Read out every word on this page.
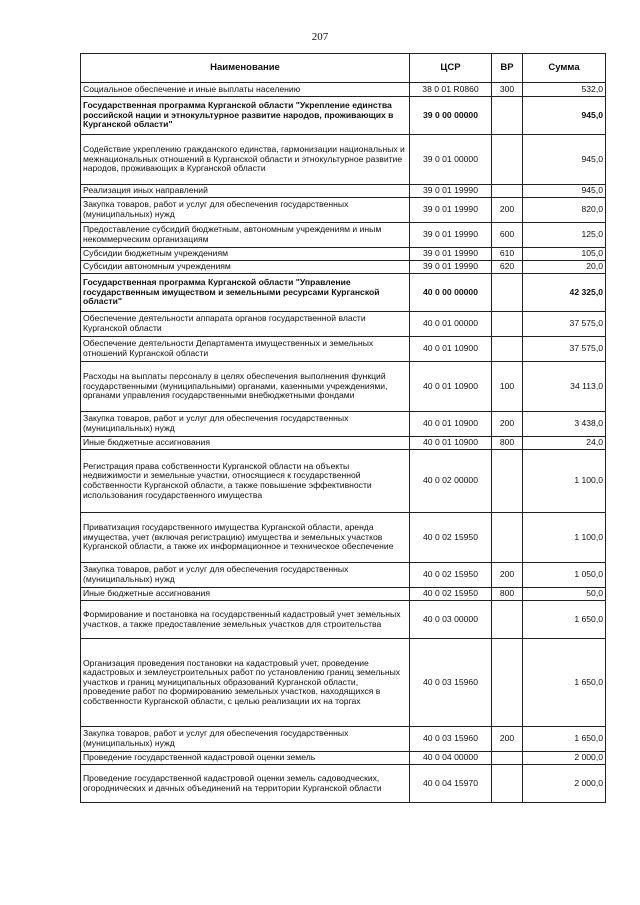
207
Наименование	ЦСР	ВР	Сумма
Социальное обеспечение и иные выплаты населению	38 0 01 R0860	300	532,0
Государственная программа Курганской области "Укрепление единства российской нации и этнокультурное развитие народов, проживающих в Курганской области"	39 0 00 00000		945,0
Содействие укреплению гражданского единства, гармонизации национальных и межнациональных отношений в Курганской области и этнокультурное развитие народов, проживающих в Курганской области	39 0 01 00000		945,0
Реализация иных направлений	39 0 01 19990		945,0
Закупка товаров, работ и услуг для обеспечения государственных (муниципальных) нужд	39 0 01 19990	200	820,0
Предоставление субсидий бюджетным, автономным учреждениям и иным некоммерческим организациям	39 0 01 19990	600	125,0
Субсидии бюджетным учреждениям	39 0 01 19990	610	105,0
Субсидии автономным учреждениям	39 0 01 19990	620	20,0
Государственная программа Курганской области "Управление государственным имуществом и земельными ресурсами Курганской области"	40 0 00 00000		42 325,0
Обеспечение деятельности аппарата органов государственной власти Курганской области	40 0 01 00000		37 575,0
Обеспечение деятельности Департамента имущественных и земельных отношений Курганской области	40 0 01 10900		37 575,0
Расходы на выплаты персоналу в целях обеспечения выполнения функций государственными (муниципальными) органами, казенными учреждениями, органами управления государственными внебюджетными фондами	40 0 01 10900	100	34 113,0
Закупка товаров, работ и услуг для обеспечения государственных (муниципальных) нужд	40 0 01 10900	200	3 438,0
Иные бюджетные ассигнования	40 0 01 10900	800	24,0
Регистрация права собственности Курганской области на объекты недвижимости и земельные участки, относящиеся к государственной собственности Курганской области, а также повышение эффективности использования государственного имущества	40 0 02 00000		1 100,0
Приватизация государственного имущества Курганской области, аренда имущества, учет (включая регистрацию) имущества и земельных участков Курганской области, а также их информационное и техническое обеспечение	40 0 02 15950		1 100,0
Закупка товаров, работ и услуг для обеспечения государственных (муниципальных) нужд	40 0 02 15950	200	1 050,0
Иные бюджетные ассигнования	40 0 02 15950	800	50,0
Формирование и постановка на государственный кадастровый учет земельных участков, а также предоставление земельных участков для строительства	40 0 03 00000		1 650,0
Организация проведения постановки на кадастровый учет, проведение кадастровых и землеустроительных работ по установлению границ земельных участков и границ муниципальных образований Курганской области, проведение работ по формированию земельных участков, находящихся в собственности Курганской области, с целью реализации их на торгах	40 0 03 15960		1 650,0
Закупка товаров, работ и услуг для обеспечения государственных (муниципальных) нужд	40 0 03 15960	200	1 650,0
Проведение государственной кадастровой оценки земель	40 0 04 00000		2 000,0
Проведение государственной кадастровой оценки земель садоводческих, огороднических и дачных объединений на территории Курганской области	40 0 04 15970		2 000,0
